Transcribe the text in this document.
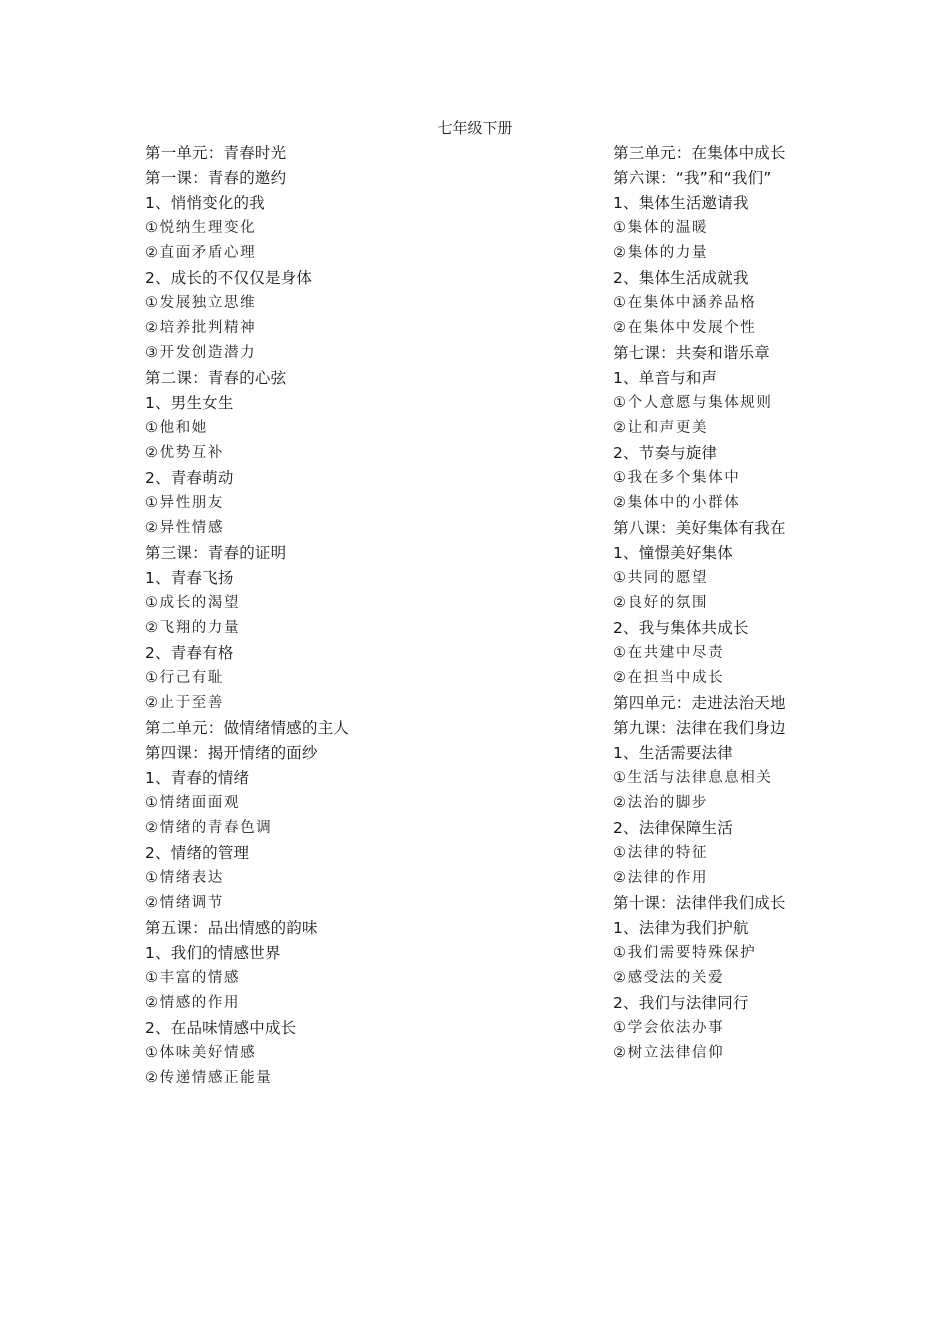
七年级下册
第一单元：青春时光
第一课：青春的邀约
1、悄悄变化的我
①悦纳生理变化
②直面矛盾心理
2、成长的不仅仅是身体
①发展独立思维
②培养批判精神
③开发创造潜力
第二课：青春的心弦
1、男生女生
①他和她
②优势互补
2、青春萌动
①异性朋友
②异性情感
第三课：青春的证明
1、青春飞扬
①成长的渴望
②飞翔的力量
2、青春有格
①行己有耻
②止于至善
第二单元：做情绪情感的主人
第四课：揭开情绪的面纱
1、青春的情绪
①情绪面面观
②情绪的青春色调
2、情绪的管理
①情绪表达
②情绪调节
第五课：品出情感的韵味
1、我们的情感世界
①丰富的情感
②情感的作用
2、在品味情感中成长
①体味美好情感
②传递情感正能量
第三单元：在集体中成长
第六课：“我”和“我们”
1、集体生活邀请我
①集体的温暖
②集体的力量
2、集体生活成就我
①在集体中涵养品格
②在集体中发展个性
第七课：共奏和谐乐章
1、单音与和声
①个人意愿与集体规则
②让和声更美
2、节奏与旋律
①我在多个集体中
②集体中的小群体
第八课：美好集体有我在
1、憧憬美好集体
①共同的愿望
②良好的氛围
2、我与集体共成长
①在共建中尽责
②在担当中成长
第四单元：走进法治天地
第九课：法律在我们身边
1、生活需要法律
①生活与法律息息相关
②法治的脚步
2、法律保障生活
①法律的特征
②法律的作用
第十课：法律伴我们成长
1、法律为我们护航
①我们需要特殊保护
②感受法的关爱
2、我们与法律同行
①学会依法办事
②树立法律信仰
